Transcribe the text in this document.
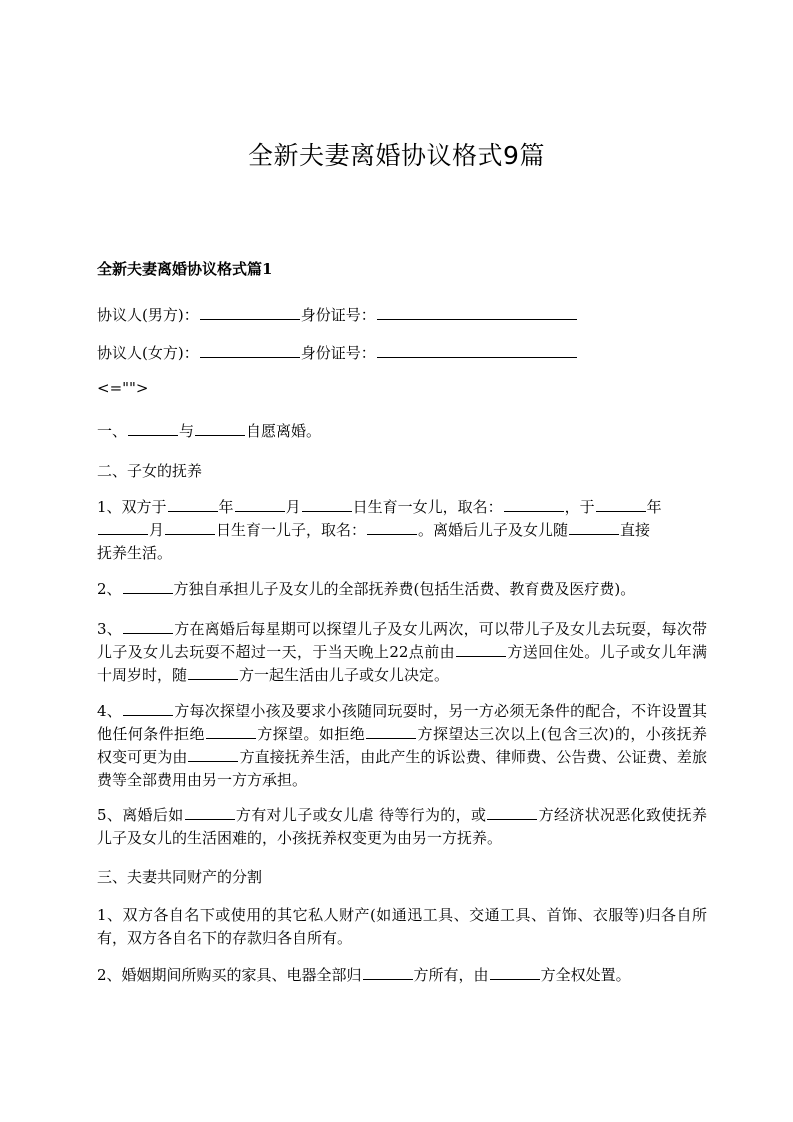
全新夫妻离婚协议格式9篇
全新夫妻离婚协议格式篇1
协议人(男方)：	身份证号：
协议人(女方)：	身份证号：
<="">
一、	与	自愿离婚。
二、子女的抚养
1、双方于	年	月	日生育一女儿，取名：	，于	年
月	日生育一儿子，取名：	。离婚后儿子及女儿随	直接
抚养生活。
2、	方独自承担儿子及女儿的全部抚养费(包括生活费、教育费及医疗费)。
3、	方在离婚后每星期可以探望儿子及女儿两次，可以带儿子及女儿去玩耍，每次带儿子及女儿去玩耍不超过一天，于当天晚上22点前由	方送回住处。儿子或女儿年满十周岁时，随	方一起生活由儿子或女儿决定。
4、	方每次探望小孩及要求小孩随同玩耍时，另一方必须无条件的配合，不许设置其他任何条件拒绝	方探望。如拒绝	方探望达三次以上(包含三次)的，小孩抚养权变可更为由	方直接抚养生活，由此产生的诉讼费、律师费、公告费、公证费、差旅费等全部费用由另一方方承担。
5、离婚后如	方有对儿子或女儿虐 待等行为的，或	方经济状况恶化致使抚养儿子及女儿的生活困难的，小孩抚养权变更为由另一方抚养。
三、夫妻共同财产的分割
1、双方各自名下或使用的其它私人财产(如通迅工具、交通工具、首饰、衣服等)归各自所有，双方各自名下的存款归各自所有。
2、婚姻期间所购买的家具、电器全部归	方所有，由	方全权处置。
